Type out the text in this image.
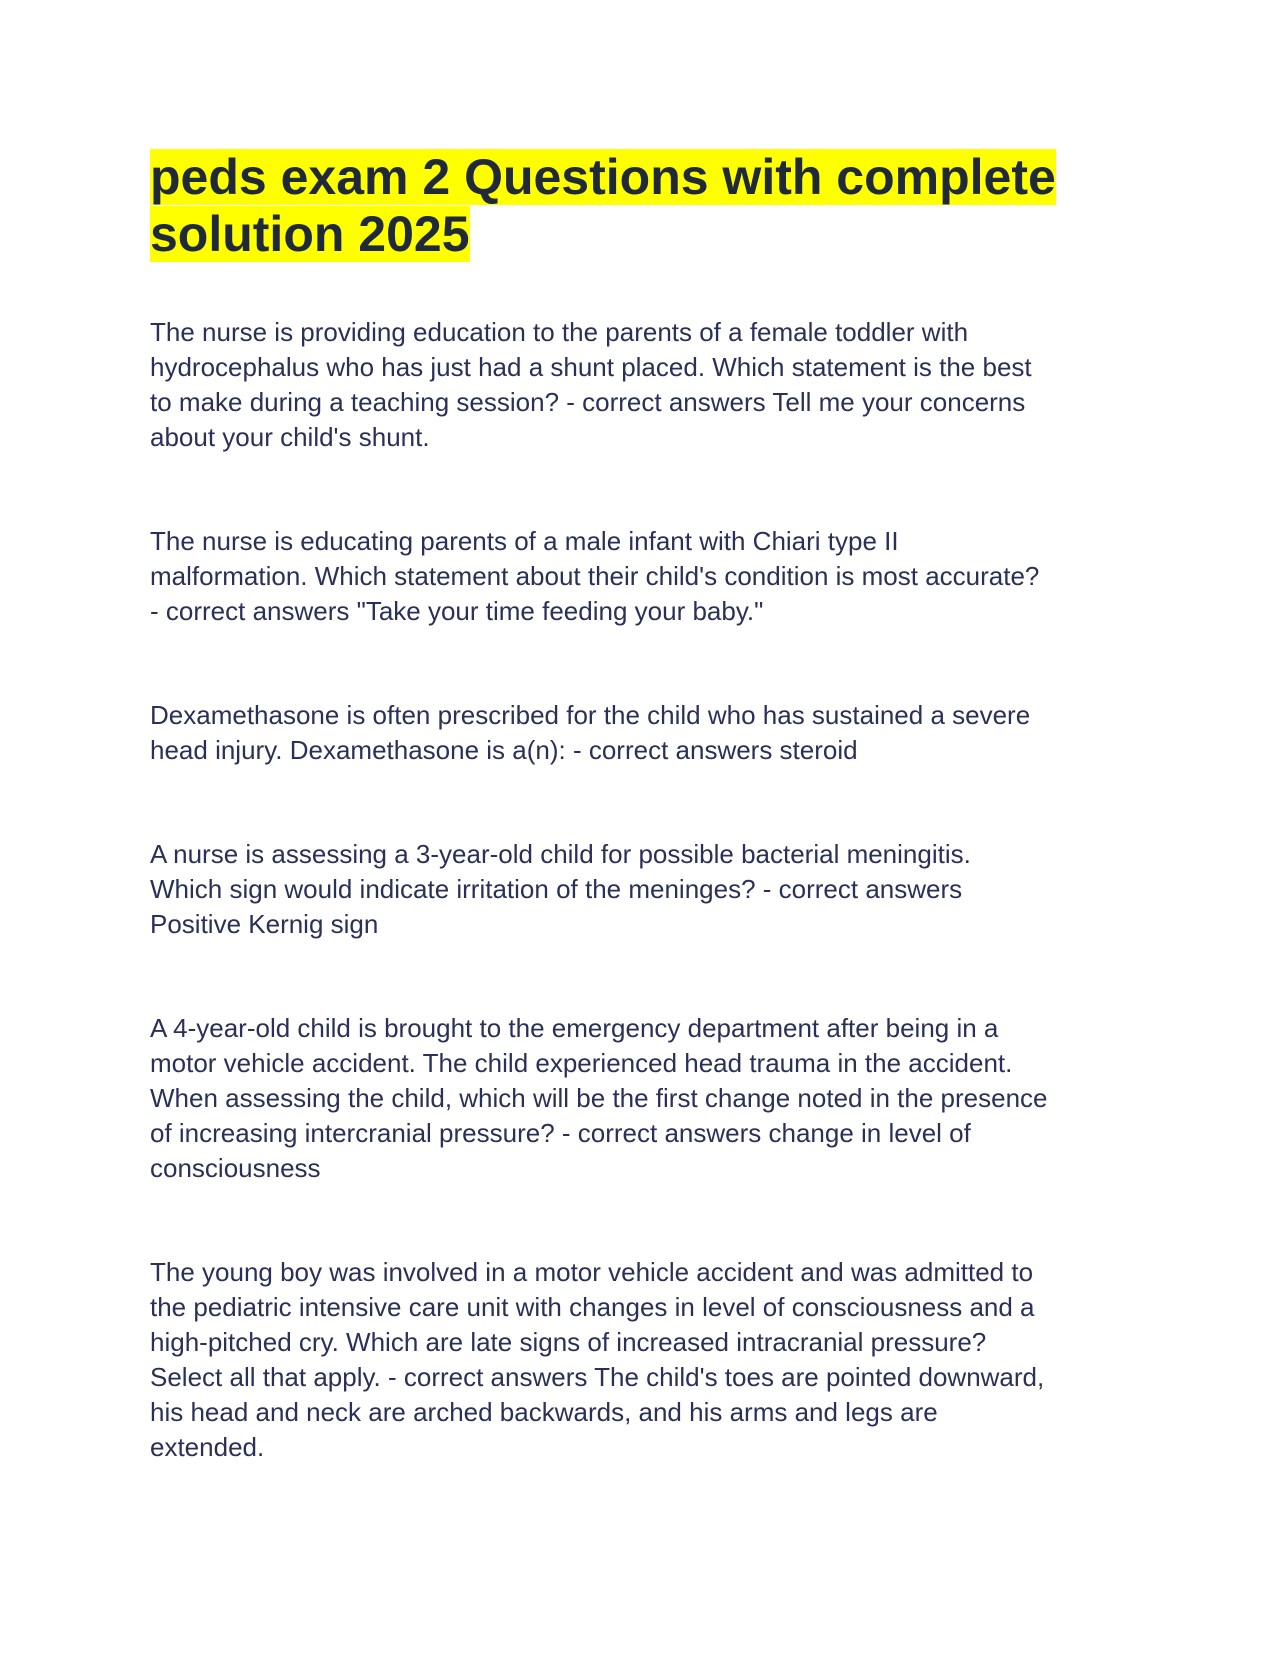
peds exam 2 Questions with complete
solution 2025

The nurse is providing education to the parents of a female toddler with
hydrocephalus who has just had a shunt placed. Which statement is the best
to make during a teaching session? - correct answers Tell me your concerns
about your child's shunt.

The nurse is educating parents of a male infant with Chiari type II
malformation. Which statement about their child's condition is most accurate?
- correct answers "Take your time feeding your baby."

Dexamethasone is often prescribed for the child who has sustained a severe
head injury. Dexamethasone is a(n): - correct answers steroid

A nurse is assessing a 3-year-old child for possible bacterial meningitis.
Which sign would indicate irritation of the meninges? - correct answers
Positive Kernig sign

A 4-year-old child is brought to the emergency department after being in a
motor vehicle accident. The child experienced head trauma in the accident.
When assessing the child, which will be the first change noted in the presence
of increasing intercranial pressure? - correct answers change in level of
consciousness

The young boy was involved in a motor vehicle accident and was admitted to
the pediatric intensive care unit with changes in level of consciousness and a
high-pitched cry. Which are late signs of increased intracranial pressure?
Select all that apply. - correct answers The child's toes are pointed downward,
his head and neck are arched backwards, and his arms and legs are
extended.
